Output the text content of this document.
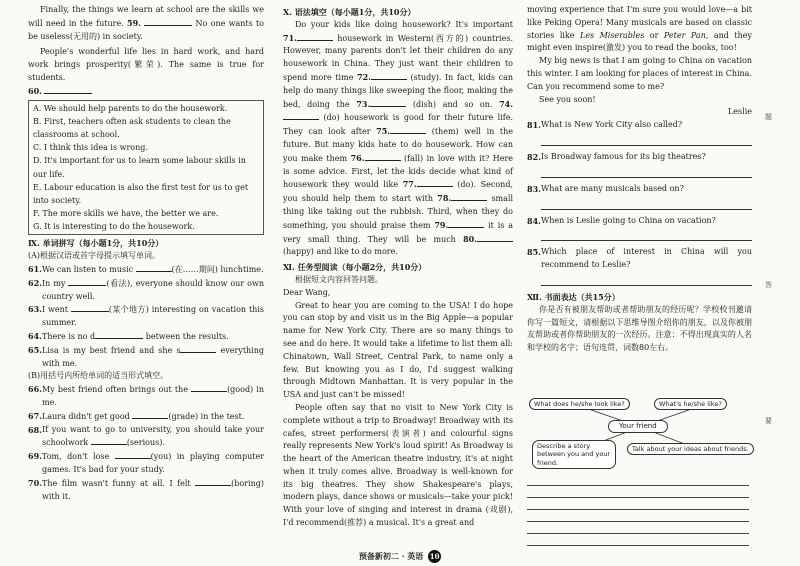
Finally, the things we learn at school are the skills we will need in the future. 59.	No one wants to be useless(无用的) in society.

People's wonderful life lies in hard work, and hard work brings prosperity(繁荣). The same is true for students.

60.
A. We should help parents to do the housework.
B. First, teachers often ask students to clean the classrooms at school.
C. I think this idea is wrong.
D. It's important for us to learn some labour skills in our life.
E. Labour education is also the first test for us to get into society.
F. The more skills we have, the better we are.
G. It is interesting to do the housework.
Ⅸ. 单词拼写（每小题1分，共10分）
(A)根据汉语或首字母提示填写单词。
61. We can listen to music	(在……期间) lunchtime.
62. In my	(看法), everyone should know our own country well.
63. I went	(某个地方) interesting on vacation this summer.
64. There is no d	between the results.
65. Lisa is my best friend and she s	everything with me.
(B)用括号内所给单词的适当形式填空。
66. My best friend often brings out the	(good) in me.
67. Laura didn't get good	(grade) in the test.
68. If you want to go to university, you should take your schoolwork	(serious).
69. Tom, don't lose	(you) in playing computer games. It's bad for your study.
70. The film wasn't funny at all. I felt	(boring) with it.
Ⅹ. 语法填空（每小题1分，共10分）

Do your kids like doing housework? It's important 71.	housework in Western(西方的) countries. However, many parents don't let their children do any housework in China. They just want their children to spend more time 72.	(study). In fact, kids can help do many things like sweeping the floor, making the bed, doing the 73.	(dish) and so on. 74. (do) housework is good for their future life. They can look after 75.	(them) well in the future. But many kids hate to do housework. How can you make them 76.	(fall) in love with it? Here is some advice. First, let the kids decide what kind of housework they would like 77.	(do). Second, you should help them to start with 78.	small thing like taking out the rubbish. Third, when they do something, you should praise them 79.	it is a very small thing. They will be much 80. (happy) and like to do more.

Ⅺ. 任务型阅读（每小题2分，共10分）
根据短文内容回答问题。
Dear Wang,

Great to hear you are coming to the USA! I do hope you can stop by and visit us in the Big Apple—a popular name for New York City. There are so many things to see and do here. It would take a lifetime to list them all: Chinatown, Wall Street, Central Park, to name only a few. But knowing you as I do, I'd suggest walking through Midtown Manhattan. It is very popular in the USA and just can't be missed!

People often say that no visit to New York City is complete without a trip to Broadway! Broadway with its cafes, street performers(表演者) and colourful signs really represents New York's loud spirit! As Broadway is the heart of the American theatre industry, it's at night when it truly comes alive. Broadway is well-known for its big theatres. They show Shakespeare's plays, modern plays, dance shows or musicals—take your pick! With your love of singing and interest in drama (戏剧), I'd recommend(推荐) a musical. It's a great and

moving experience that I'm sure you would love—a bit like Peking Opera! Many musicals are based on classic stories like Les Miserables or Peter Pan, and they might even inspire(激发) you to read the books, too!

My big news is that I am going to China on vacation this winter. I am looking for places of interest in China. Can you recommend some to me?

See you soon!
Leslie
81. What is New York City also called?
82. Is Broadway famous for its big theatres?
83. What are many musicals based on?
84. When is Leslie going to China on vacation?
85. Which place of interest in China will you recommend to Leslie?
Ⅻ. 书面表达（共15分）

你是否有被朋友帮助或者帮助朋友的经历呢？学校校刊邀请你写一篇短文，请根据以下思维导图介绍你的朋友，以及你被朋友帮助或者你帮助朋友的一次经历。注意：不得出现真实的人名和学校的名字；语句连贯，词数80左右。

What does he/she look like?	What's he/she like?
Your friend
Describe a story between you and your friend.
Talk about your ideas about friends.
题
答
要
预备新初二 · 英语 10
